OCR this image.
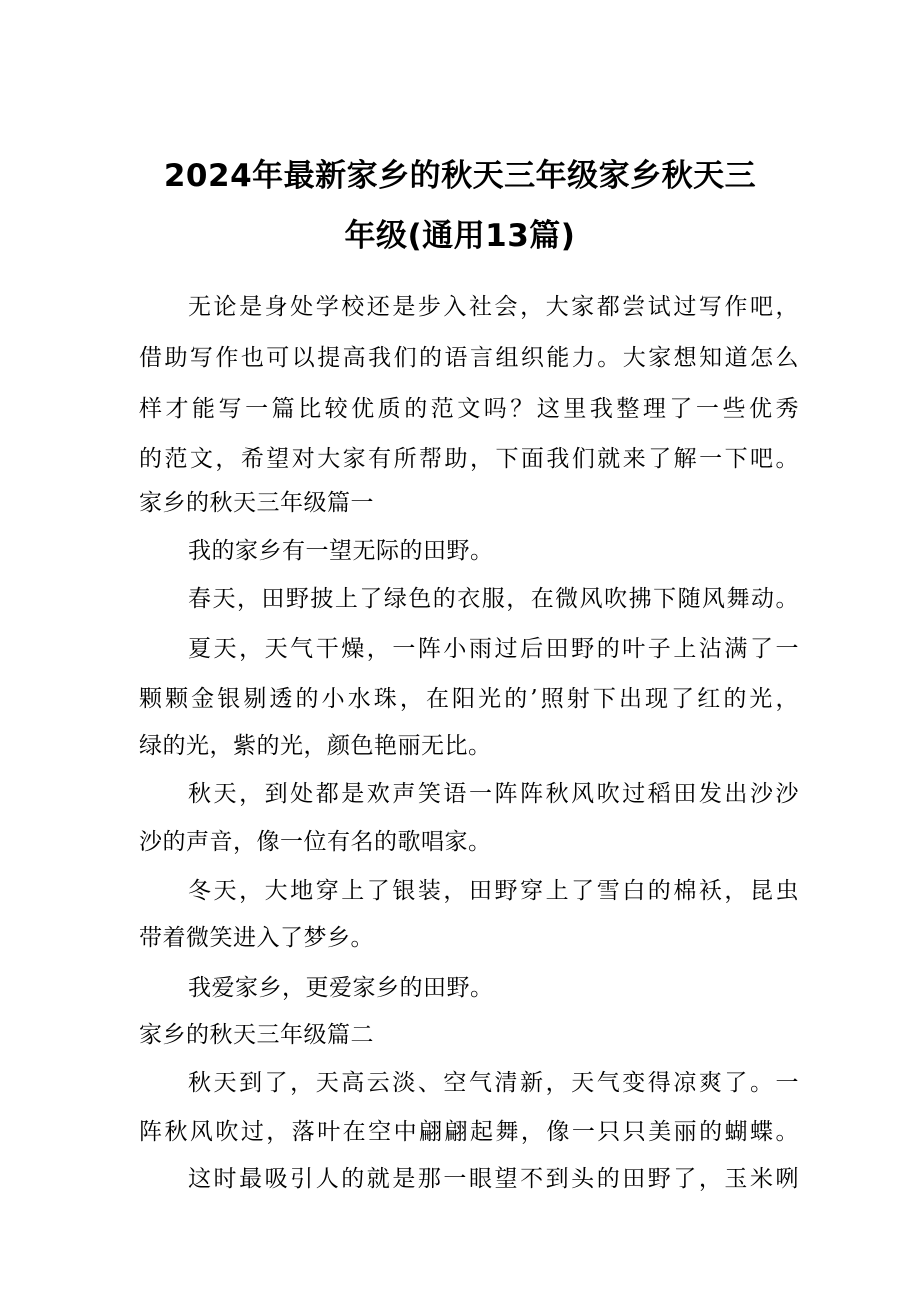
2024年最新家乡的秋天三年级家乡秋天三
年级(通用13篇)
无论是身处学校还是步入社会，大家都尝试过写作吧，
借助写作也可以提高我们的语言组织能力。大家想知道怎么
样才能写一篇比较优质的范文吗？这里我整理了一些优秀
的范文，希望对大家有所帮助，下面我们就来了解一下吧。
家乡的秋天三年级篇一
我的家乡有一望无际的田野。
春天，田野披上了绿色的衣服，在微风吹拂下随风舞动。
夏天，天气干燥，一阵小雨过后田野的叶子上沾满了一
颗颗金银剔透的小水珠，在阳光的’照射下出现了红的光，
绿的光，紫的光，颜色艳丽无比。
秋天，到处都是欢声笑语一阵阵秋风吹过稻田发出沙沙
沙的声音，像一位有名的歌唱家。
冬天，大地穿上了银装，田野穿上了雪白的棉袄，昆虫
带着微笑进入了梦乡。
我爱家乡，更爱家乡的田野。
家乡的秋天三年级篇二
秋天到了，天高云淡、空气清新，天气变得凉爽了。一
阵秋风吹过，落叶在空中翩翩起舞，像一只只美丽的蝴蝶。
这时最吸引人的就是那一眼望不到头的田野了，玉米咧
